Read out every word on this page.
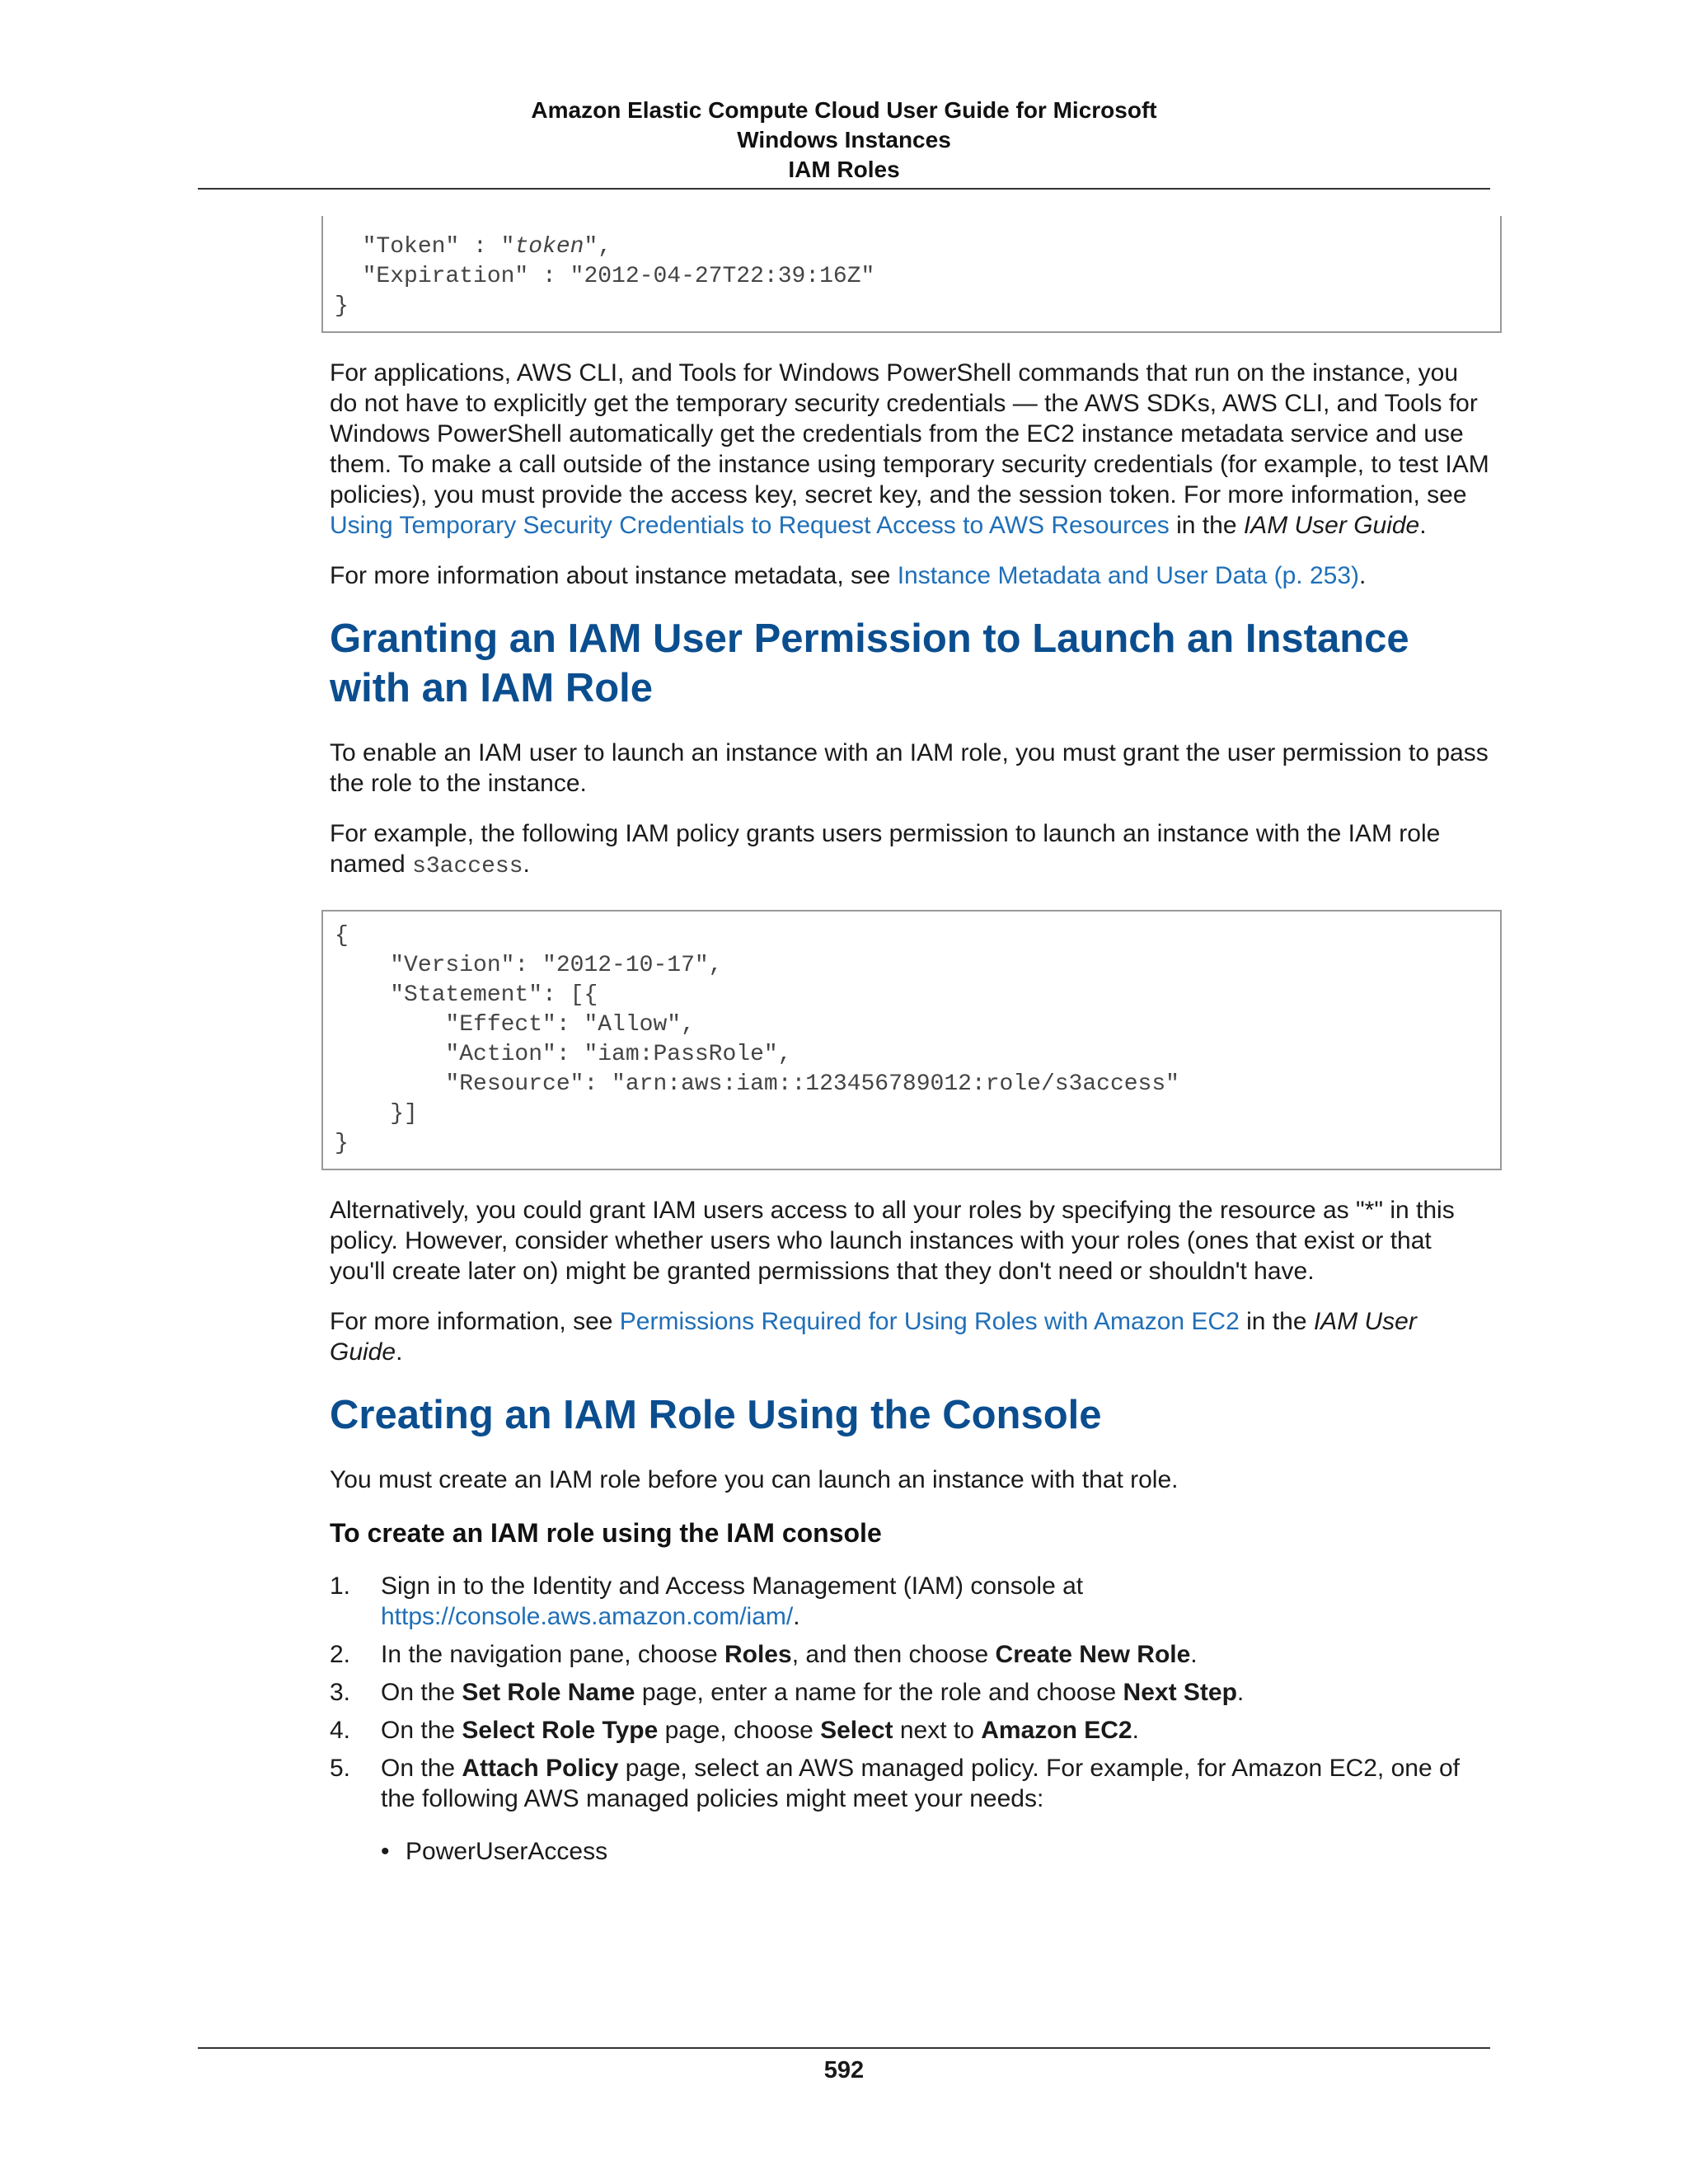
Amazon Elastic Compute Cloud User Guide for Microsoft
Windows Instances
IAM Roles
"Token" : "token",
"Expiration" : "2012-04-27T22:39:16Z"
}

For applications, AWS CLI, and Tools for Windows PowerShell commands that run on the instance, you do not have to explicitly get the temporary security credentials — the AWS SDKs, AWS CLI, and Tools for Windows PowerShell automatically get the credentials from the EC2 instance metadata service and use them. To make a call outside of the instance using temporary security credentials (for example, to test IAM policies), you must provide the access key, secret key, and the session token. For more information, see Using Temporary Security Credentials to Request Access to AWS Resources in the IAM User Guide.

For more information about instance metadata, see Instance Metadata and User Data (p. 253).

Granting an IAM User Permission to Launch an Instance with an IAM Role

To enable an IAM user to launch an instance with an IAM role, you must grant the user permission to pass the role to the instance.

For example, the following IAM policy grants users permission to launch an instance with the IAM role named s3access.

{
"Version": "2012-10-17",
"Statement": [{
"Effect": "Allow",
"Action": "iam:PassRole",
"Resource": "arn:aws:iam::123456789012:role/s3access"
}]
}

Alternatively, you could grant IAM users access to all your roles by specifying the resource as "*" in this policy. However, consider whether users who launch instances with your roles (ones that exist or that you'll create later on) might be granted permissions that they don't need or shouldn't have.

For more information, see Permissions Required for Using Roles with Amazon EC2 in the IAM User Guide.

Creating an IAM Role Using the Console

You must create an IAM role before you can launch an instance with that role.

To create an IAM role using the IAM console
1. Sign in to the Identity and Access Management (IAM) console at https://console.aws.amazon.com/iam/.
2. In the navigation pane, choose Roles, and then choose Create New Role.
3. On the Set Role Name page, enter a name for the role and choose Next Step.
4. On the Select Role Type page, choose Select next to Amazon EC2.
5. On the Attach Policy page, select an AWS managed policy. For example, for Amazon EC2, one of the following AWS managed policies might meet your needs:
• PowerUserAccess
592
